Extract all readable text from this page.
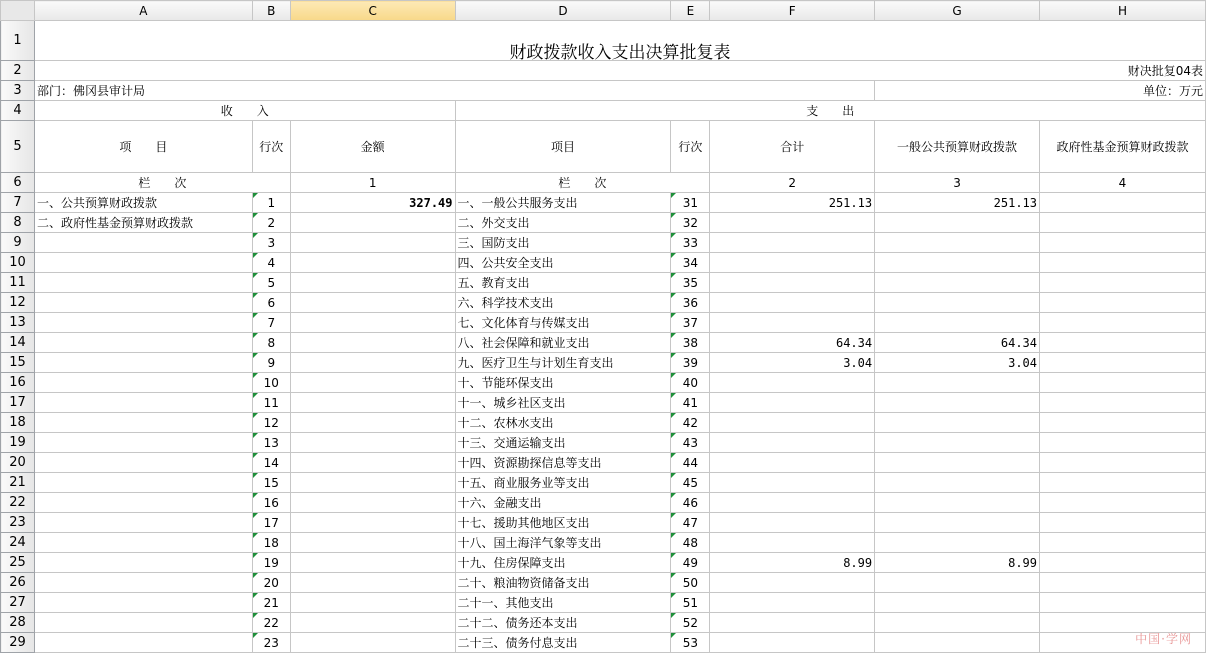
	A	B	C	D	E	F	G	H
1	财政拨款收入支出决算批复表							
2	财决批复04表							
3	部门：佛冈县审计局						单位：万元	
4	收　　入			支　　出				
5	项　　目	行次	金额	项目	行次	合计	一般公共预算财政拨款	政府性基金预算财政拨款
6	栏　　次		1	栏　　次		2	3	4
7	一、公共预算财政拨款	1	327.49	一、一般公共服务支出	31	251.13	251.13	
8	二、政府性基金预算财政拨款	2		二、外交支出	32			
9		3		三、国防支出	33			
10		4		四、公共安全支出	34			
11		5		五、教育支出	35			
12		6		六、科学技术支出	36			
13		7		七、文化体育与传媒支出	37			
14		8		八、社会保障和就业支出	38	64.34	64.34	
15		9		九、医疗卫生与计划生育支出	39	3.04	3.04	
16		10		十、节能环保支出	40			
17		11		十一、城乡社区支出	41			
18		12		十二、农林水支出	42			
19		13		十三、交通运输支出	43			
20		14		十四、资源勘探信息等支出	44			
21		15		十五、商业服务业等支出	45			
22		16		十六、金融支出	46			
23		17		十七、援助其他地区支出	47			
24		18		十八、国土海洋气象等支出	48			
25		19		十九、住房保障支出	49	8.99	8.99	
26		20		二十、粮油物资储备支出	50			
27		21		二十一、其他支出	51			
28		22		二十二、债务还本支出	52			
29		23		二十三、债务付息支出	53				中国·学网
